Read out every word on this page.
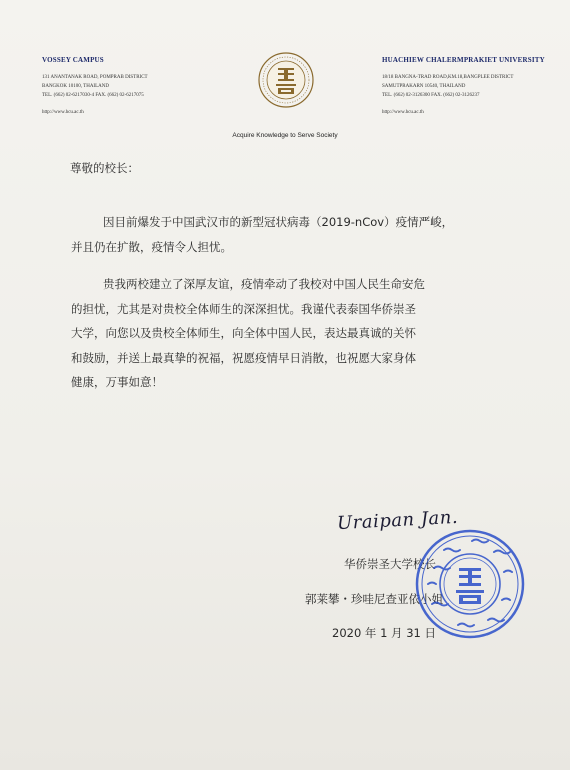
VOSSEY CAMPUS
131 ANANTANAK ROAD, POMPRAB DISTRICT
BANGKOK 10100, THAILAND
TEL. (662) 02-6217030-4 FAX. (662) 02-6217075
http://www.hcu.ac.th
Acquire Knowledge to Serve Society
HUACHIEW CHALERMPRAKIET UNIVERSITY
18/18 BANGNA-TRAD ROAD,KM.18,BANGPLEE DISTRICT
SAMUTPRAKARN 10540, THAILAND
TEL. (662) 02-3126300 FAX. (662) 02-3126237
http://www.hcu.ac.th
尊敬的校长：
因目前爆发于中国武汉市的新型冠状病毒（2019-nCov）疫情严峻，
并且仍在扩散，疫情令人担忧。
贵我两校建立了深厚友谊，疫情牵动了我校对中国人民生命安危
的担忧，尤其是对贵校全体师生的深深担忧。我谨代表泰国华侨崇圣
大学，向您以及贵校全体师生，向全体中国人民，表达最真诚的关怀
和鼓励，并送上最真挚的祝福，祝愿疫情早日消散，也祝愿大家身体
健康，万事如意！
Uraipan Jan.
华侨崇圣大学校长
郭莱攀・珍哇尼查亚依小姐
2020 年 1 月 31 日
